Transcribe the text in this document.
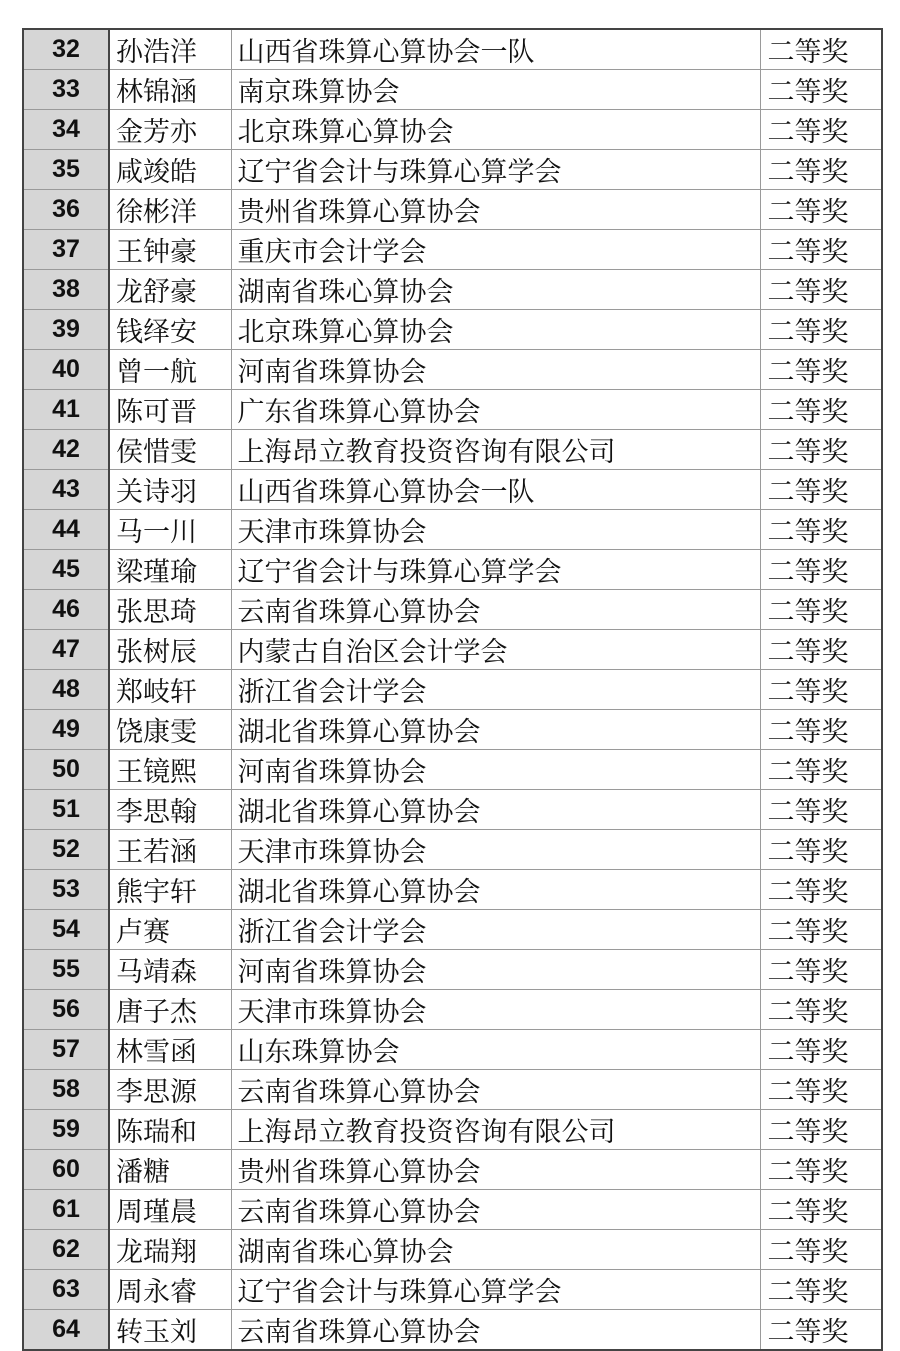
32	孙浩洋	山西省珠算心算协会一队	二等奖
33	林锦涵	南京珠算协会	二等奖
34	金芳亦	北京珠算心算协会	二等奖
35	咸竣皓	辽宁省会计与珠算心算学会	二等奖
36	徐彬洋	贵州省珠算心算协会	二等奖
37	王钟豪	重庆市会计学会	二等奖
38	龙舒豪	湖南省珠心算协会	二等奖
39	钱绎安	北京珠算心算协会	二等奖
40	曾一航	河南省珠算协会	二等奖
41	陈可晋	广东省珠算心算协会	二等奖
42	侯惜雯	上海昂立教育投资咨询有限公司	二等奖
43	关诗羽	山西省珠算心算协会一队	二等奖
44	马一川	天津市珠算协会	二等奖
45	梁瑾瑜	辽宁省会计与珠算心算学会	二等奖
46	张思琦	云南省珠算心算协会	二等奖
47	张树辰	内蒙古自治区会计学会	二等奖
48	郑岐轩	浙江省会计学会	二等奖
49	饶康雯	湖北省珠算心算协会	二等奖
50	王镜熙	河南省珠算协会	二等奖
51	李思翰	湖北省珠算心算协会	二等奖
52	王若涵	天津市珠算协会	二等奖
53	熊宇轩	湖北省珠算心算协会	二等奖
54	卢赛	浙江省会计学会	二等奖
55	马靖森	河南省珠算协会	二等奖
56	唐子杰	天津市珠算协会	二等奖
57	林雪函	山东珠算协会	二等奖
58	李思源	云南省珠算心算协会	二等奖
59	陈瑞和	上海昂立教育投资咨询有限公司	二等奖
60	潘糖	贵州省珠算心算协会	二等奖
61	周瑾晨	云南省珠算心算协会	二等奖
62	龙瑞翔	湖南省珠心算协会	二等奖
63	周永睿	辽宁省会计与珠算心算学会	二等奖
64	转玉刘	云南省珠算心算协会	二等奖
